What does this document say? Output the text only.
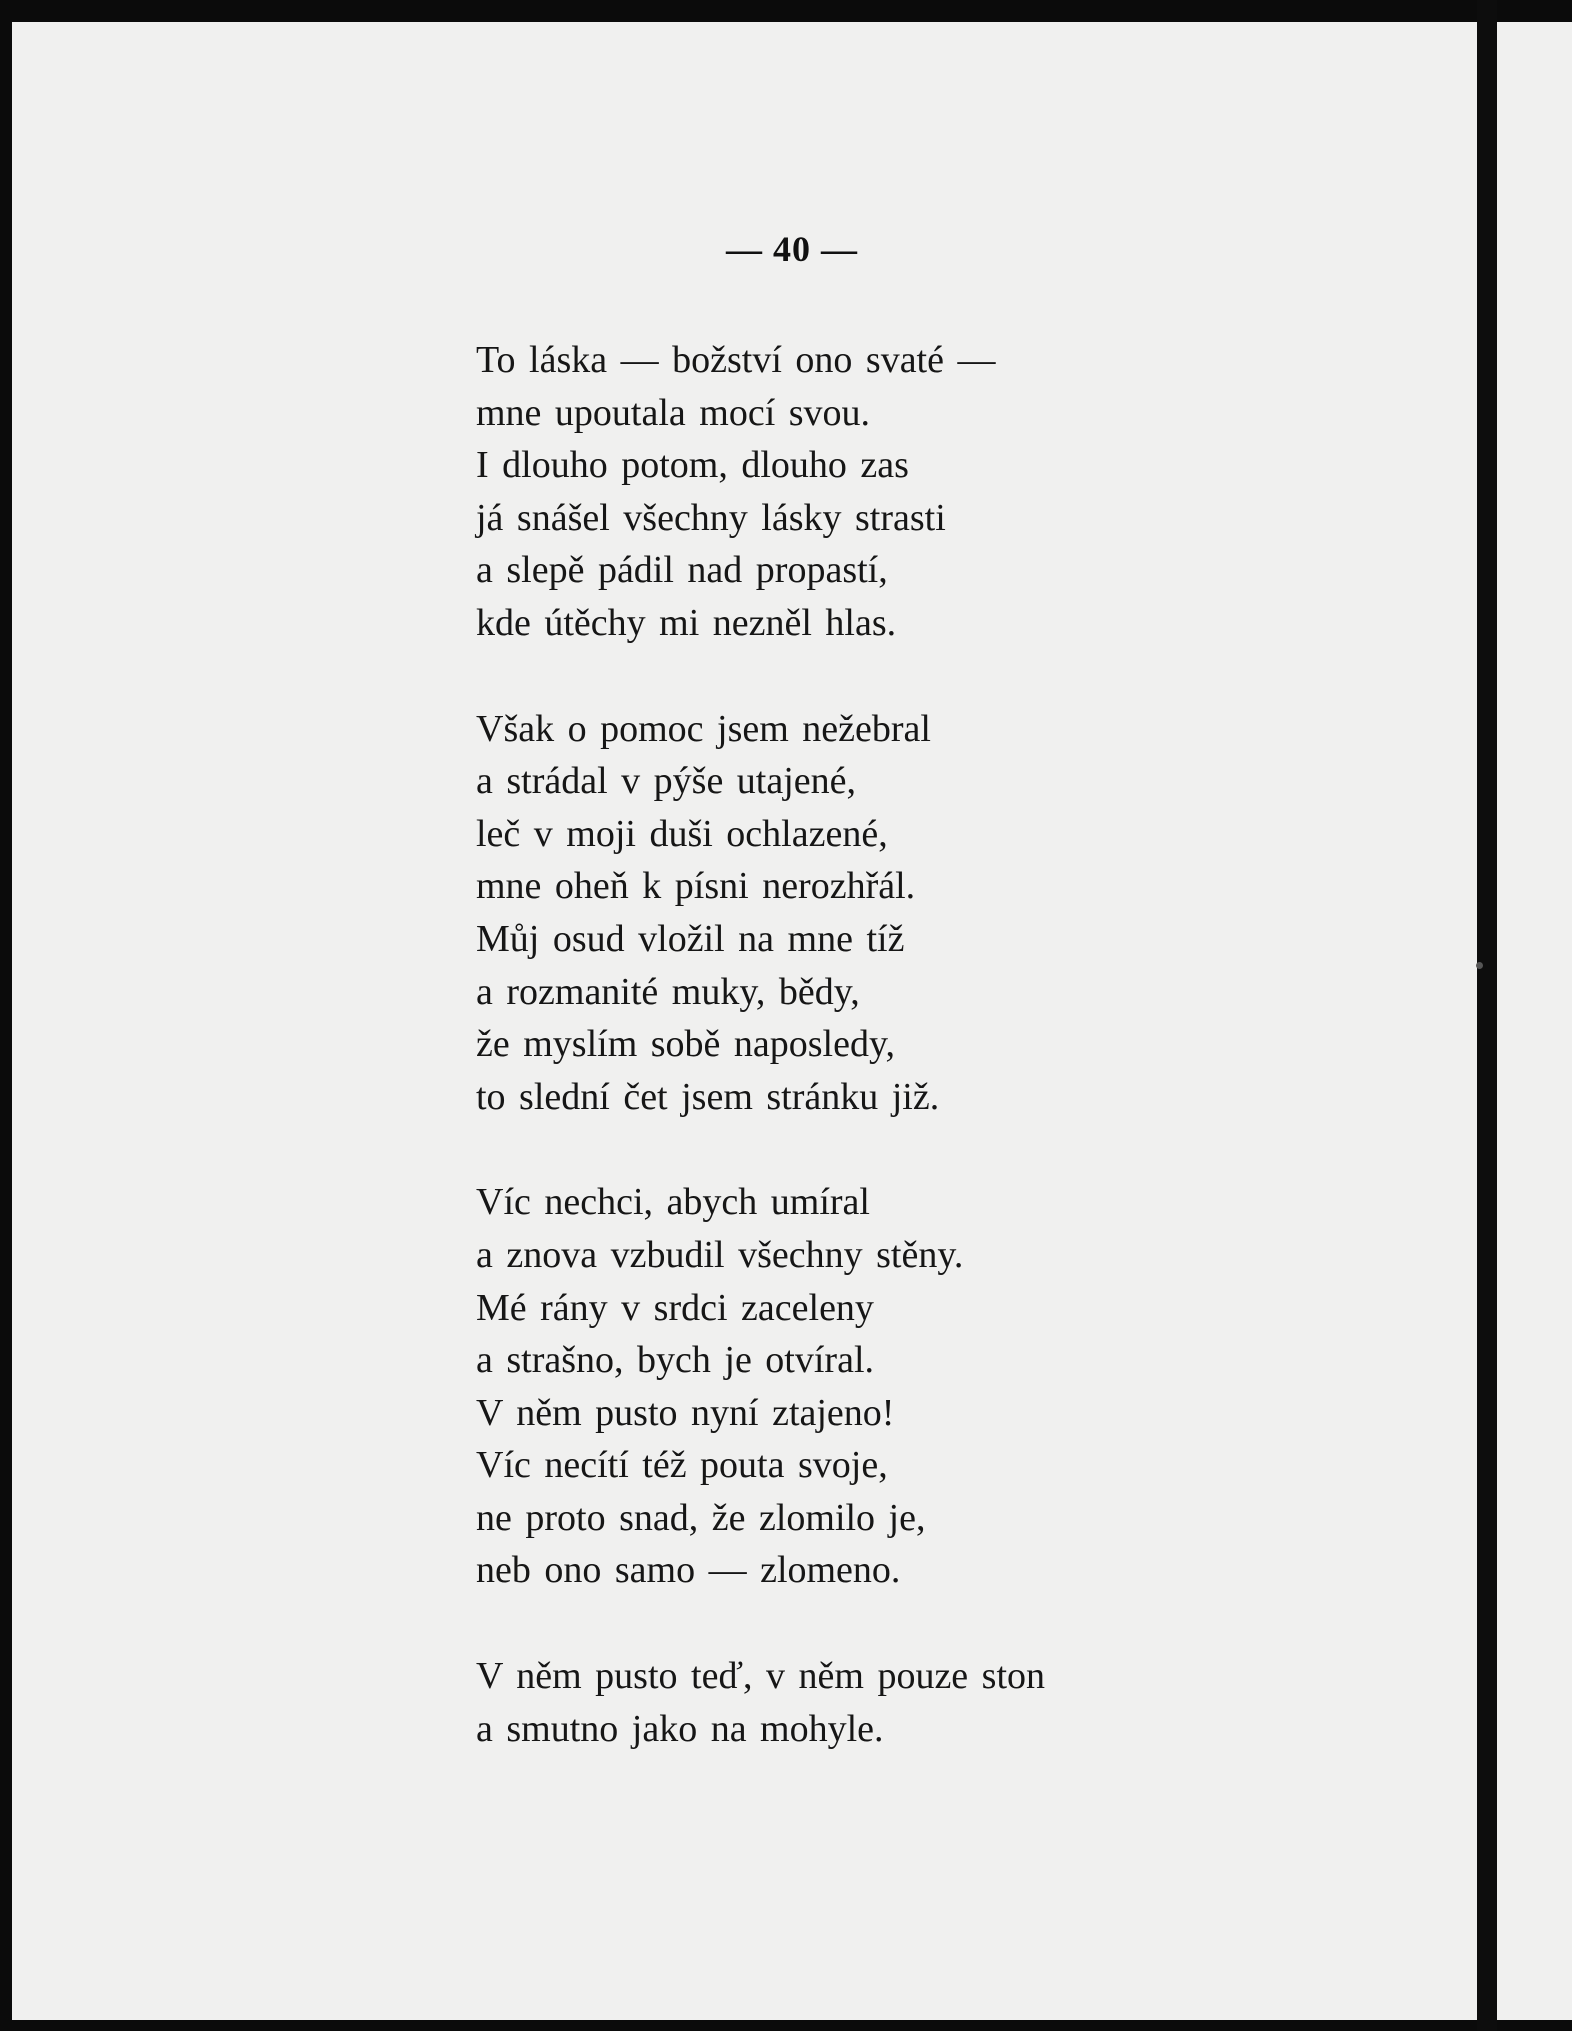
— 40 —
To láska — božství ono svaté —
mne upoutala mocí svou.
I dlouho potom, dlouho zas
já snášel všechny lásky strasti
a slepě pádil nad propastí,
kde útěchy mi nezněl hlas.
Však o pomoc jsem nežebral
a strádal v pýše utajené,
leč v moji duši ochlazené,
mne oheň k písni nerozhřál.
Můj osud vložil na mne tíž
a rozmanité muky, bědy,
že myslím sobě naposledy,
to slední čet jsem stránku již.
Víc nechci, abych umíral
a znova vzbudil všechny stěny.
Mé rány v srdci zaceleny
a strašno, bych je otvíral.
V něm pusto nyní ztajeno!
Víc necítí též pouta svoje,
ne proto snad, že zlomilo je,
neb ono samo — zlomeno.
V něm pusto teď, v něm pouze ston
a smutno jako na mohyle.
